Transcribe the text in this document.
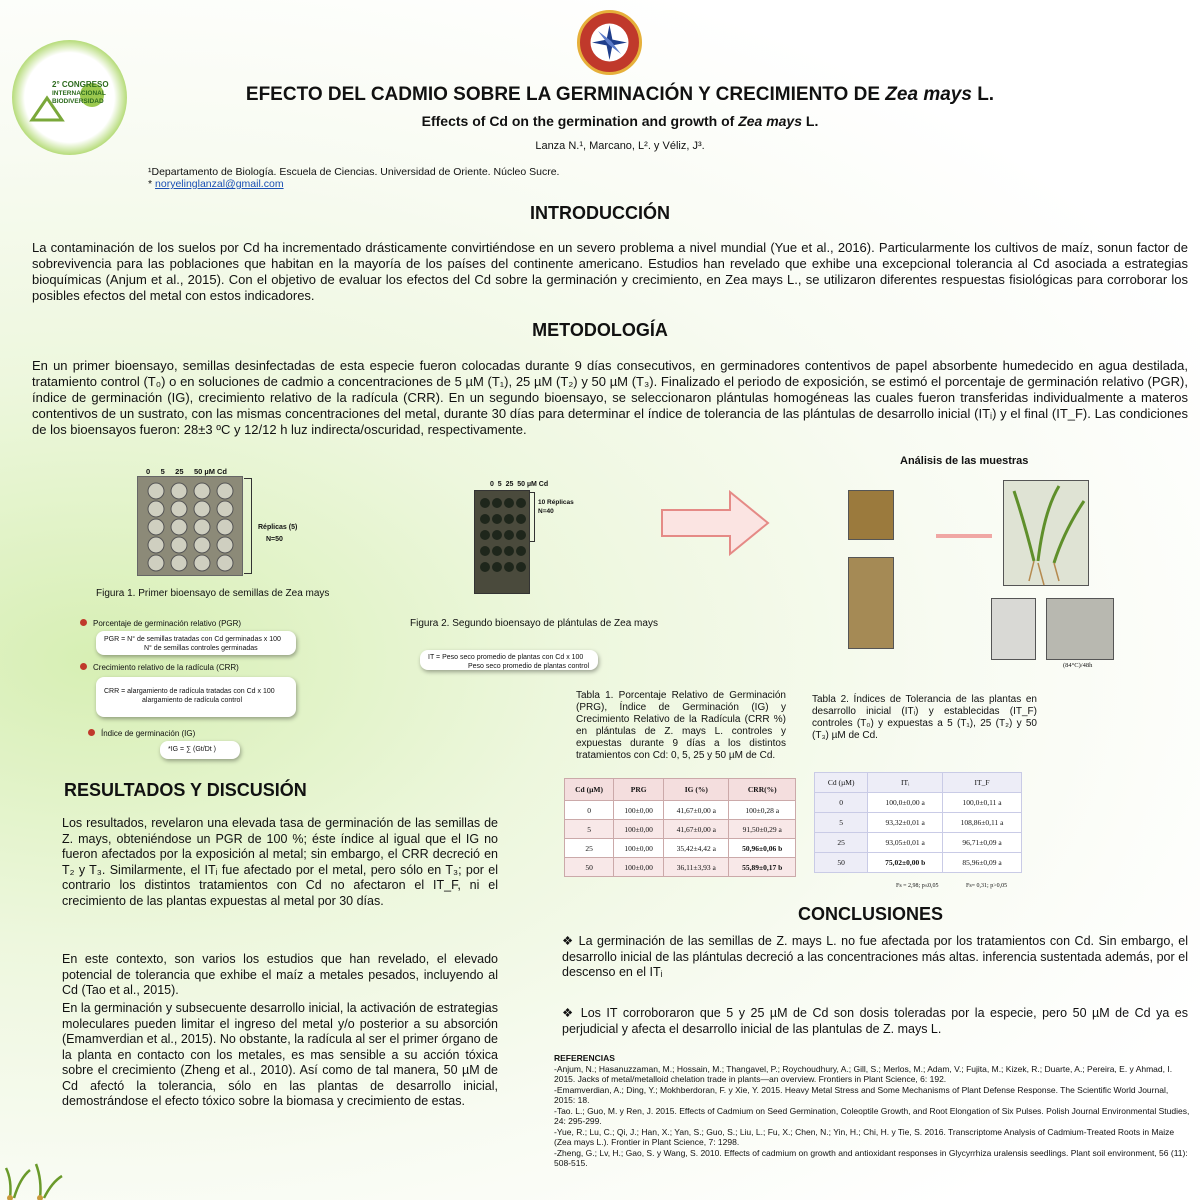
2° CONGRESO
INTERNACIONAL
BIODIVERSIDAD	EFECTO DEL CADMIO SOBRE LA GERMINACIÓN Y CRECIMIENTO DE Zea mays L.
Effects of Cd on the germination and growth of Zea mays L.
Lanza N.¹, Marcano, L². y Véliz, J³.
¹Departamento de Biología. Escuela de Ciencias. Universidad de Oriente. Núcleo Sucre.
* noryelinglanzal@gmail.com
INTRODUCCIÓN
La contaminación de los suelos por Cd ha incrementado drásticamente convirtiéndose en un severo problema a nivel mundial (Yue et al., 2016). Particularmente los cultivos de maíz, sonun factor de sobrevivencia para las poblaciones que habitan en la mayoría de los países del continente americano. Estudios han revelado que exhibe una excepcional tolerancia al Cd asociada a estrategias bioquímicas (Anjum et al., 2015). Con el objetivo de evaluar los efectos del Cd sobre la germinación y crecimiento, en Zea mays L., se utilizaron diferentes respuestas fisiológicas para corroborar los posibles efectos del metal con estos indicadores.
METODOLOGÍA
En un primer bioensayo, semillas desinfectadas de esta especie fueron colocadas durante 9 días consecutivos, en germinadores contentivos de papel absorbente humedecido en agua destilada, tratamiento control (T₀) o en soluciones de cadmio a concentraciones de 5 µM (T₁), 25 µM (T₂) y 50 µM (T₃). Finalizado el periodo de exposición, se estimó el porcentaje de germinación relativo (PGR), índice de germinación (IG), crecimiento relativo de la radícula (CRR). En un segundo bioensayo, se seleccionaron plántulas homogéneas las cuales fueron transferidas individualmente a materos contentivos de un sustrato, con las mismas concentraciones del metal, durante 30 días para determinar el índice de tolerancia de las plántulas de desarrollo inicial (ITᵢ) y el final (IT_F). Las condiciones de los bioensayos fueron: 28±3 ºC y 12/12 h luz indirecta/oscuridad, respectivamente.
0     5     25     50 µM Cd
Réplicas (5)
N=50
Figura 1. Primer bioensayo de semillas de Zea mays
Porcentaje de germinación relativo (PGR)
PGR = N° de semillas tratadas con Cd germinadas x 100
N° de semillas controles germinadas
Crecimiento relativo de la radícula (CRR)
CRR = alargamiento de radícula tratadas con Cd x 100
alargamiento de radícula control
Índice de germinación (IG)
*IG = ∑ (Gt/Dt )
0  5  25  50 µM Cd
10 Réplicas
N=40
Figura 2. Segundo bioensayo de plántulas de Zea mays
IT = Peso seco promedio de plantas con Cd x 100
Peso seco promedio de plantas control
Análisis de las muestras
(84°C)/48h
Tabla 1. Porcentaje Relativo de Germinación (PRG), Índice de Germinación (IG) y Crecimiento Relativo de la Radícula (CRR %) en plántulas de Z. mays L. controles y expuestas durante 9 días a los distintos tratamientos con Cd: 0, 5, 25 y 50 µM de Cd.
Cd (µM)	PRG	IG (%)	CRR(%)
0	100±0,00	41,67±0,00 a	100±0,28 a
5	100±0,00	41,67±0,00 a	91,50±0,29 a
25	100±0,00	35,42±4,42 a	50,96±0,06 b
50	100±0,00	36,11±3,93 a	55,89±0,17 b
Tabla 2. Índices de Tolerancia de las plantas en desarrollo inicial (ITᵢ) y establecidas (IT_F) controles (T₀) y expuestas a 5 (T₁), 25 (T₂) y 50 (T₃) µM de Cd.
Cd (µM)	ITᵢ	IT_F
0	100,0±0,00 a	100,0±0,11 a
5	93,32±0,01 a	108,86±0,11 a
25	93,05±0,01 a	96,71±0,09 a
50	75,02±0,00 b	85,96±0,09 a
Fs = 2,98; p≤0,05	Fs= 0,31; p>0,05
RESULTADOS Y DISCUSIÓN
Los resultados, revelaron una elevada tasa de germinación de las semillas de Z. mays, obteniéndose un PGR de 100 %; éste índice al igual que el IG no fueron afectados por la exposición al metal; sin embargo, el CRR decreció en T₂ y T₃. Similarmente, el ITᵢ fue afectado por el metal, pero sólo en T₃; por el contrario los distintos tratamientos con Cd no afectaron el IT_F, ni el crecimiento de las plantas expuestas al metal por 30 días.
En este contexto, son varios los estudios que han revelado, el elevado potencial de tolerancia que exhibe el maíz a metales pesados, incluyendo al Cd (Tao et al., 2015).
En la germinación y subsecuente desarrollo inicial, la activación de estrategias moleculares pueden limitar el ingreso del metal y/o posterior a su absorción (Emamverdian et al., 2015). No obstante, la radícula al ser el primer órgano de la planta en contacto con los metales, es mas sensible a su acción tóxica sobre el crecimiento (Zheng et al., 2010). Así como de tal manera, 50 µM de Cd afectó la tolerancia, sólo en las plantas de desarrollo inicial, demostrándose el efecto tóxico sobre la biomasa y crecimiento de estas.
CONCLUSIONES
❖ La germinación de las semillas de Z. mays L. no fue afectada por los tratamientos con Cd. Sin embargo, el desarrollo inicial de las plántulas decreció a las concentraciones más altas. inferencia sustentada además, por el descenso en el ITᵢ
❖ Los IT corroboraron que 5 y 25 µM de Cd son dosis toleradas por la especie, pero 50 µM de Cd ya es perjudicial y afecta el desarrollo inicial de las plantulas de Z. mays L.
REFERENCIAS
-Anjum, N.; Hasanuzzaman, M.; Hossain, M.; Thangavel, P.; Roychoudhury, A.; Gill, S.; Merlos, M.; Adam, V.; Fujita, M.; Kizek, R.; Duarte, A.; Pereira, E. y Ahmad, I. 2015. Jacks of metal/metalloid chelation trade in plants—an overview. Frontiers in Plant Science, 6: 192.
-Emamverdian, A.; Ding, Y.; Mokhberdoran, F. y Xie, Y. 2015. Heavy Metal Stress and Some Mechanisms of Plant Defense Response. The Scientific World Journal, 2015: 18.
-Tao. L.; Guo, M. y Ren, J. 2015. Effects of Cadmium on Seed Germination, Coleoptile Growth, and Root Elongation of Six Pulses. Polish Journal Environmental Studies, 24: 295-299.
-Yue, R.; Lu, C.; Qi, J.; Han, X.; Yan, S.; Guo, S.; Liu, L.; Fu, X.; Chen, N.; Yin, H.; Chi, H. y Tie, S. 2016. Transcriptome Analysis of Cadmium-Treated Roots in Maize (Zea mays L.). Frontier in Plant Science, 7: 1298.
-Zheng, G.; Lv, H.; Gao, S. y Wang, S. 2010. Effects of cadmium on growth and antioxidant responses in Glycyrrhiza uralensis seedlings. Plant soil environment, 56 (11): 508-515.
